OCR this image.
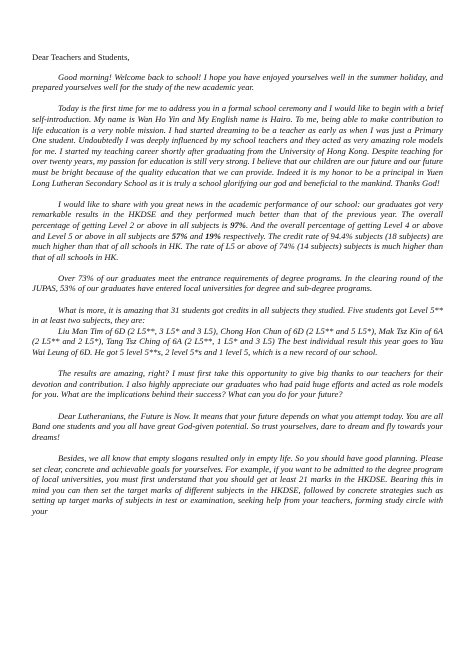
Dear Teachers and Students,

Good morning! Welcome back to school! I hope you have enjoyed yourselves well in the summer holiday, and prepared yourselves well for the study of the new academic year.

Today is the first time for me to address you in a formal school ceremony and I would like to begin with a brief self-introduction. My name is Wan Ho Yin and My English name is Hairo. To me, being able to make contribution to life education is a very noble mission. I had started dreaming to be a teacher as early as when I was just a Primary One student. Undoubtedly I was deeply influenced by my school teachers and they acted as very amazing role models for me. I started my teaching career shortly after graduating from the University of Hong Kong. Despite teaching for over twenty years, my passion for education is still very strong. I believe that our children are our future and our future must be bright because of the quality education that we can provide. Indeed it is my honor to be a principal in Yuen Long Lutheran Secondary School as it is truly a school glorifying our god and beneficial to the mankind. Thanks God!

I would like to share with you great news in the academic performance of our school: our graduates got very remarkable results in the HKDSE and they performed much better than that of the previous year. The overall percentage of getting Level 2 or above in all subjects is 97%. And the overall percentage of getting Level 4 or above and Level 5 or above in all subjects are 57% and 19% respectively. The credit rate of 94.4% subjects (18 subjects) are much higher than that of all schools in HK. The rate of L5 or above of 74% (14 subjects) subjects is much higher than that of all schools in HK.

Over 73% of our graduates meet the entrance requirements of degree programs. In the clearing round of the JUPAS, 53% of our graduates have entered local universities for degree and sub-degree programs.

What is more, it is amazing that 31 students got credits in all subjects they studied. Five students got Level 5** in at least two subjects, they are:
Liu Man Tim of 6D (2 L5**, 3 L5* and 3 L5), Chong Hon Chun of 6D (2 L5** and 5 L5*), Mak Tsz Kin of 6A (2 L5** and 2 L5*), Tang Tsz Ching of 6A (2 L5**, 1 L5* and 3 L5) The best individual result this year goes to Yau Wai Leung of 6D. He got 5 level 5**s, 2 level 5*s and 1 level 5, which is a new record of our school.

The results are amazing, right? I must first take this opportunity to give big thanks to our teachers for their devotion and contribution. I also highly appreciate our graduates who had paid huge efforts and acted as role models for you. What are the implications behind their success? What can you do for your future?

Dear Lutheranians, the Future is Now. It means that your future depends on what you attempt today. You are all Band one students and you all have great God-given potential. So trust yourselves, dare to dream and fly towards your dreams!

Besides, we all know that empty slogans resulted only in empty life. So you should have good planning. Please set clear, concrete and achievable goals for yourselves. For example, if you want to be admitted to the degree program of local universities, you must first understand that you should get at least 21 marks in the HKDSE. Bearing this in mind you can then set the target marks of different subjects in the HKDSE, followed by concrete strategies such as setting up target marks of subjects in test or examination, seeking help from your teachers, forming study circle with your
